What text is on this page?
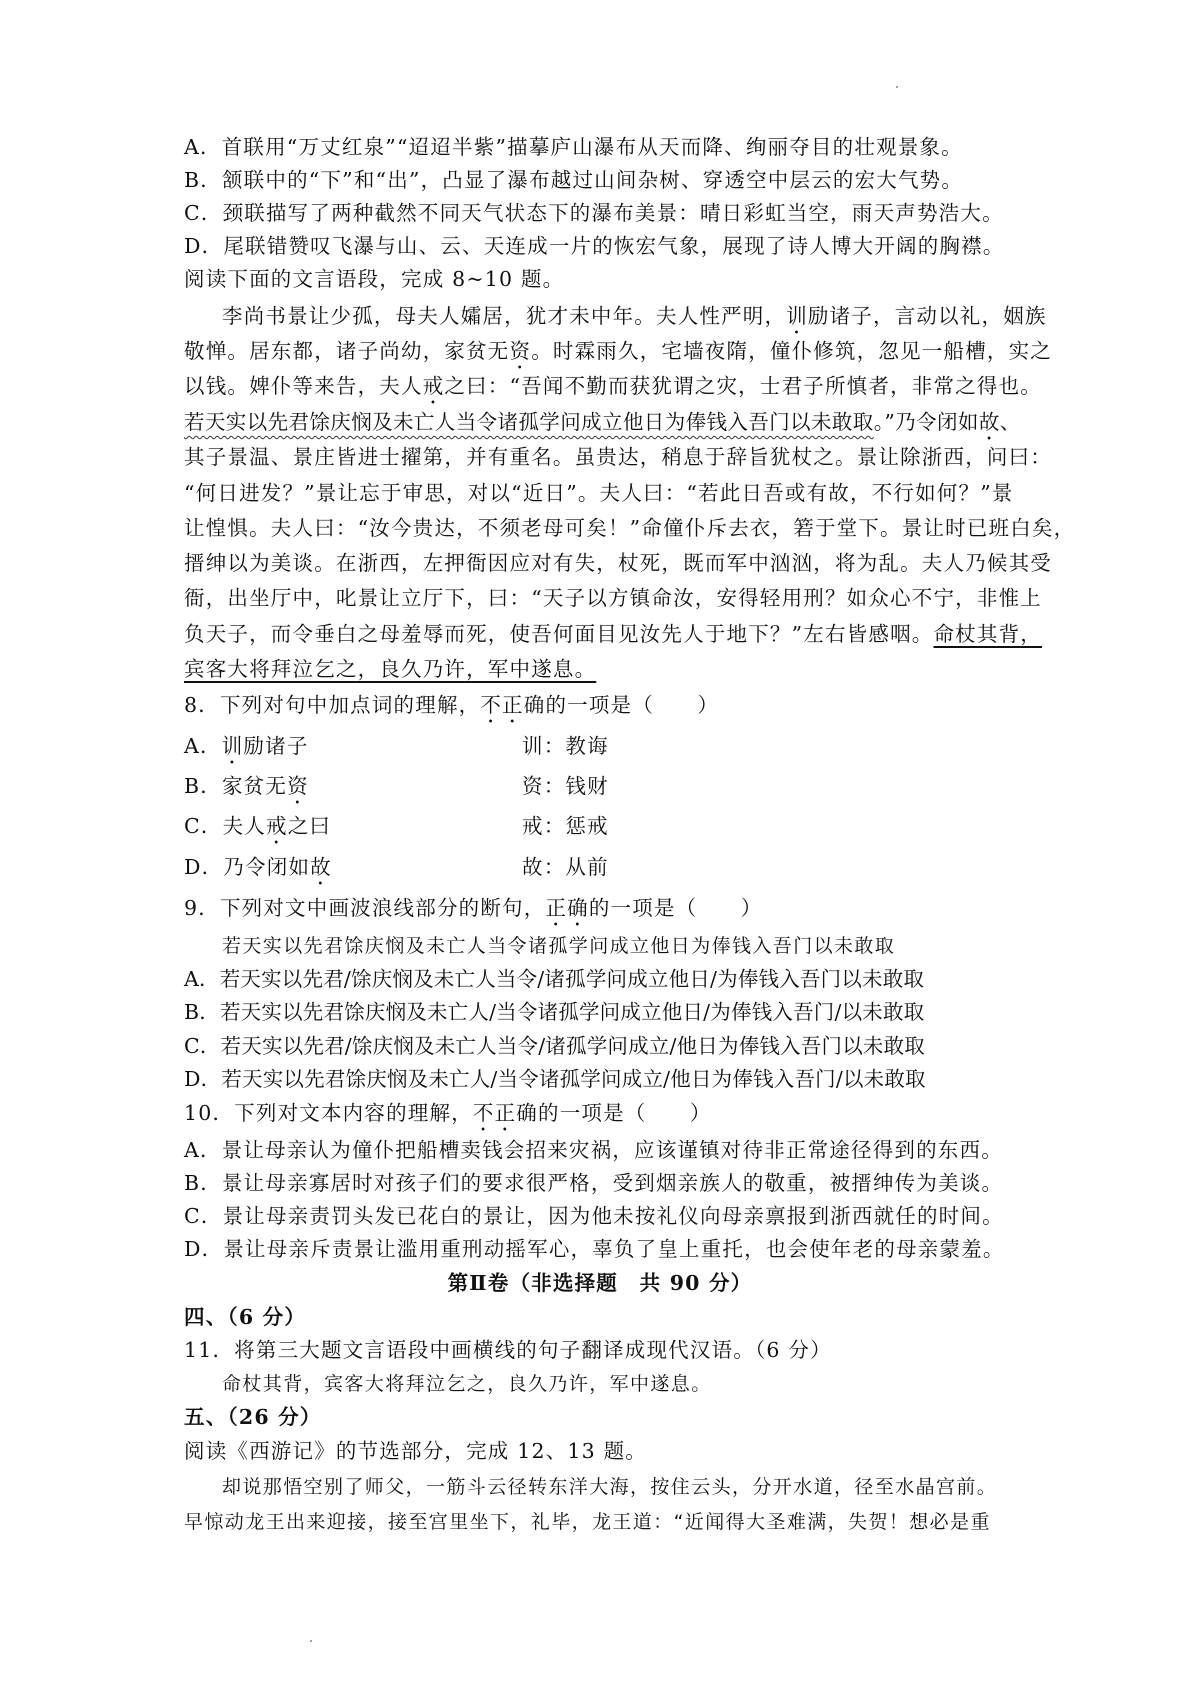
A．首联用“万丈红泉”“迢迢半紫”描摹庐山瀑布从天而降、绚丽夺目的壮观景象。
B．颔联中的“下”和“出”，凸显了瀑布越过山间杂树、穿透空中层云的宏大气势。
C．颈联描写了两种截然不同天气状态下的瀑布美景：晴日彩虹当空，雨天声势浩大。
D．尾联错赞叹飞瀑与山、云、天连成一片的恢宏气象，展现了诗人博大开阔的胸襟。
阅读下面的文言语段，完成 8~10 题。
李尚书景让少孤，母夫人孀居，犹才未中年。夫人性严明，训励诸子，言动以礼，姻族
敬惮。居东都，诸子尚幼，家贫无资。时霖雨久，宅墙夜隋，僮仆修筑，忽见一船槽，实之
以钱。婢仆等来告，夫人戒之曰：“吾闻不勤而获犹谓之灾，士君子所慎者，非常之得也。
若天实以先君馀庆悯及未亡人当令诸孤学问成立他日为俸钱入吾门以未敢取。”乃令闭如故、
其子景温、景庄皆进士擢第，并有重名。虽贵达，稍息于辞旨犹杖之。景让除浙西，问曰：
“何日进发？”景让忘于审思，对以“近日”。夫人曰：“若此日吾或有故，不行如何？”景
让惶惧。夫人曰：“汝今贵达，不须老母可矣！”命僮仆斥去衣，箬于堂下。景让时已班白矣，
搢绅以为美谈。在浙西，左押衙因应对有失，杖死，既而军中汹汹，将为乱。夫人乃候其受
衙，出坐厅中，叱景让立厅下，曰：“天子以方镇命汝，安得轻用刑？如众心不宁，非惟上
负天子，而令垂白之母羞辱而死，使吾何面目见汝先人于地下？”左右皆感咽。命杖其背，
宾客大将拜泣乞之，良久乃许，军中遂息。
8．下列对句中加点词的理解，不正确的一项是（　　）
A．训励诸子	训：教诲
B．家贫无资	资：钱财
C．夫人戒之曰	戒：惩戒
D．乃令闭如故	故：从前
9．下列对文中画波浪线部分的断句，正确的一项是（　　）
若天实以先君馀庆悯及未亡人当令诸孤学问成立他日为俸钱入吾门以未敢取
A．若天实以先君/馀庆悯及未亡人当令/诸孤学问成立他日/为俸钱入吾门以未敢取
B．若天实以先君馀庆悯及未亡人/当令诸孤学问成立他日/为俸钱入吾门/以未敢取
C．若天实以先君/馀庆悯及未亡人当令/诸孤学问成立/他日为俸钱入吾门以未敢取
D．若天实以先君馀庆悯及未亡人/当令诸孤学问成立/他日为俸钱入吾门/以未敢取
10．下列对文本内容的理解，不正确的一项是（　　）
A．景让母亲认为僮仆把船槽卖钱会招来灾祸，应该谨镇对待非正常途径得到的东西。
B．景让母亲寡居时对孩子们的要求很严格，受到烟亲族人的敬重，被搢绅传为美谈。
C．景让母亲责罚头发已花白的景让，因为他未按礼仪向母亲禀报到浙西就任的时间。
D．景让母亲斥责景让滥用重刑动摇军心，辜负了皇上重托，也会使年老的母亲蒙羞。
第Ⅱ卷（非选择题　共 90 分）
四、（6 分）
11．将第三大题文言语段中画横线的句子翻译成现代汉语。（6 分）
命杖其背，宾客大将拜泣乞之，良久乃许，军中遂息。
五、（26 分）
阅读《西游记》的节选部分，完成 12、13 题。
却说那悟空别了师父，一筋斗云径转东洋大海，按住云头，分开水道，径至水晶宫前。
早惊动龙王出来迎接，接至宫里坐下，礼毕，龙王道：“近闻得大圣难满，失贺！想必是重
